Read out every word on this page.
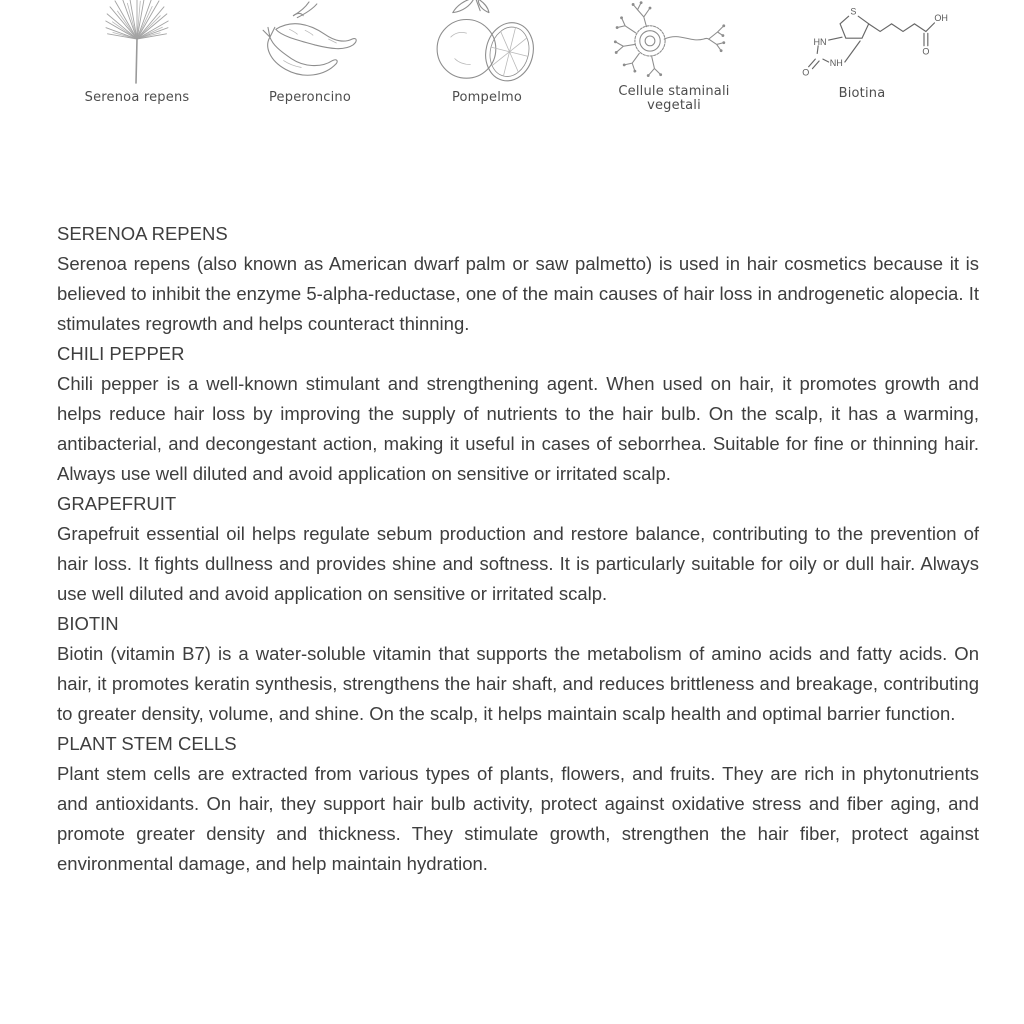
Serenoa repens	Peperoncino	Pompelmo	Cellule staminali vegetali
S
HN
NH
O
O
OH
Biotina
SERENOA REPENS

Serenoa repens (also known as American dwarf palm or saw palmetto) is used in hair cosmetics because it is believed to inhibit the enzyme 5-alpha-reductase, one of the main causes of hair loss in androgenetic alopecia. It stimulates regrowth and helps counteract thinning.

CHILI PEPPER

Chili pepper is a well-known stimulant and strengthening agent. When used on hair, it promotes growth and helps reduce hair loss by improving the supply of nutrients to the hair bulb. On the scalp, it has a warming, antibacterial, and decongestant action, making it useful in cases of seborrhea. Suitable for fine or thinning hair. Always use well diluted and avoid application on sensitive or irritated scalp.

GRAPEFRUIT

Grapefruit essential oil helps regulate sebum production and restore balance, contributing to the prevention of hair loss. It fights dullness and provides shine and softness. It is particularly suitable for oily or dull hair. Always use well diluted and avoid application on sensitive or irritated scalp.

BIOTIN

Biotin (vitamin B7) is a water-soluble vitamin that supports the metabolism of amino acids and fatty acids. On hair, it promotes keratin synthesis, strengthens the hair shaft, and reduces brittleness and breakage, contributing to greater density, volume, and shine. On the scalp, it helps maintain scalp health and optimal barrier function.

PLANT STEM CELLS

Plant stem cells are extracted from various types of plants, flowers, and fruits. They are rich in phytonutrients and antioxidants. On hair, they support hair bulb activity, protect against oxidative stress and fiber aging, and promote greater density and thickness. They stimulate growth, strengthen the hair fiber, protect against environmental damage, and help maintain hydration.
